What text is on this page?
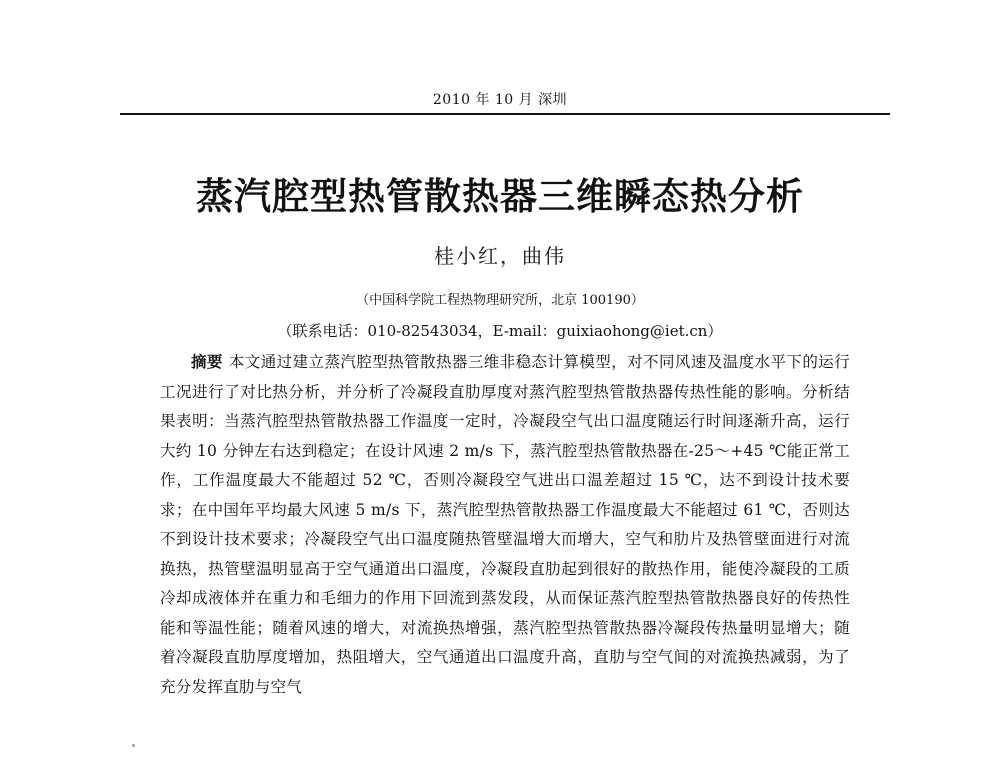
2010 年 10 月 深圳
蒸汽腔型热管散热器三维瞬态热分析
桂小红，曲伟
（中国科学院工程热物理研究所，北京 100190）
（联系电话：010-82543034，E-mail：guixiaohong@iet.cn）

摘要 本文通过建立蒸汽腔型热管散热器三维非稳态计算模型，对不同风速及温度水平下的运行工况进行了对比热分析，并分析了冷凝段直肋厚度对蒸汽腔型热管散热器传热性能的影响。分析结果表明：当蒸汽腔型热管散热器工作温度一定时，冷凝段空气出口温度随运行时间逐渐升高，运行大约 10 分钟左右达到稳定；在设计风速 2 m/s 下，蒸汽腔型热管散热器在-25～+45 ℃能正常工作，工作温度最大不能超过 52 ℃，否则冷凝段空气进出口温差超过 15 ℃，达不到设计技术要求；在中国年平均最大风速 5 m/s 下，蒸汽腔型热管散热器工作温度最大不能超过 61 ℃，否则达不到设计技术要求；冷凝段空气出口温度随热管壁温增大而增大，空气和肋片及热管壁面进行对流换热，热管壁温明显高于空气通道出口温度，冷凝段直肋起到很好的散热作用，能使冷凝段的工质冷却成液体并在重力和毛细力的作用下回流到蒸发段，从而保证蒸汽腔型热管散热器良好的传热性能和等温性能；随着风速的增大，对流换热增强，蒸汽腔型热管散热器冷凝段传热量明显增大；随着冷凝段直肋厚度增加，热阻增大，空气通道出口温度升高，直肋与空气间的对流换热减弱，为了充分发挥直肋与空气
